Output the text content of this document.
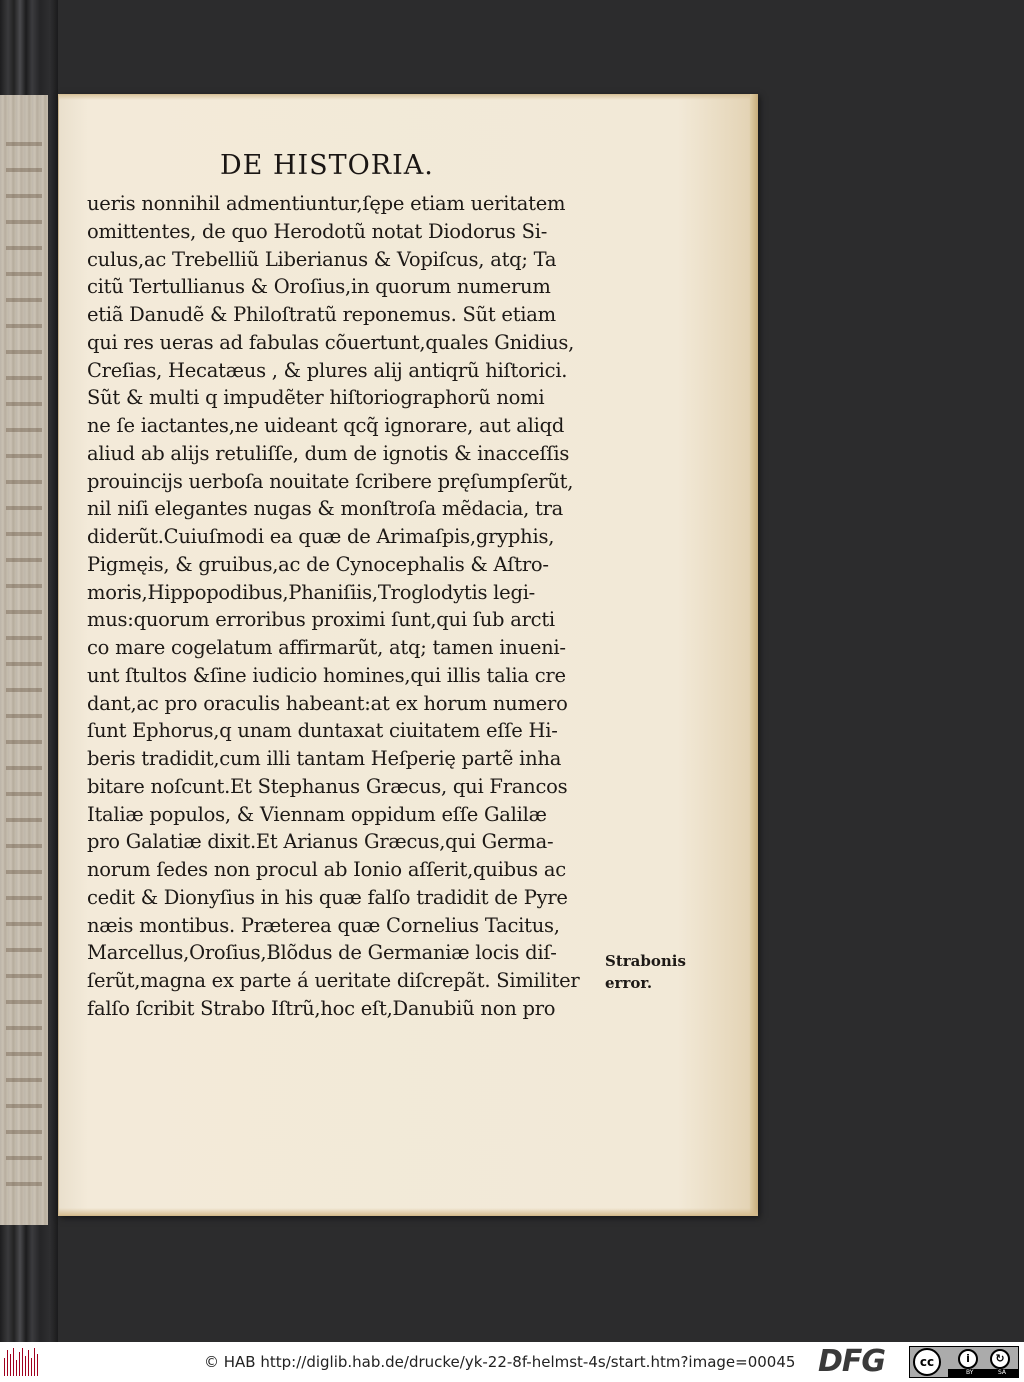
DE HISTORIA.
ueris nonnihil admentiuntur,ſępe etiam ueritatem
omittentes, de quo Herodotũ notat Diodorus Si-
culus,ac Trebelliũ Liberianus & Vopiſcus, atq; Ta
citũ Tertullianus & Oroſius,in quorum numerum
etiã Danudẽ & Philoſtratũ reponemus. Sũt etiam
qui res ueras ad fabulas cõuertunt,quales Gnidius,
Creſias, Hecatæus , & plures alij antiqrũ hiſtorici.
Sũt & multi q impudẽter hiſtoriographorũ nomi
ne ſe iactantes,ne uideant qcq̃ ignorare, aut aliqd
aliud ab alijs retuliſſe, dum de ignotis & inacceſſis
prouincijs uerboſa nouitate ſcribere pręſumpſerũt,
nil niſi elegantes nugas & monſtroſa mẽdacia, tra
diderũt.Cuiuſmodi ea quæ de Arimaſpis,gryphis,
Pigmęis, & gruibus,ac de Cynocephalis & Aſtro-
moris,Hippopodibus,Phaniſiis,Troglodytis legi-
mus:quorum erroribus proximi ſunt,qui ſub arcti
co mare cogelatum affirmarũt, atq; tamen inueni-
unt ſtultos &ſine iudicio homines,qui illis talia cre
dant,ac pro oraculis habeant:at ex horum numero
ſunt Ephorus,q unam duntaxat ciuitatem eſſe Hi-
beris tradidit,cum illi tantam Heſperię partẽ inha
bitare noſcunt.Et Stephanus Græcus, qui Francos
Italiæ populos, & Viennam oppidum eſſe Galilæ
pro Galatiæ dixit.Et Arianus Græcus,qui Germa-
norum ſedes non procul ab Ionio aſſerit,quibus ac
cedit & Dionyſius in his quæ falſo tradidit de Pyre
næis montibus. Prӕterea quæ Cornelius Tacitus,
Marcellus,Oroſius,Blõdus de Germaniæ locis diſ-
ſerũt,magna ex parte á ueritate diſcrepãt. Similiter
falſo ſcribit Strabo Iſtrũ,hoc eſt,Danubiũ non pro

Strabonis
error.

© HAB http://diglib.hab.de/drucke/yk-22-8f-helmst-4s/start.htm?image=00045 DFG	cc	i	↻
BY	SA
